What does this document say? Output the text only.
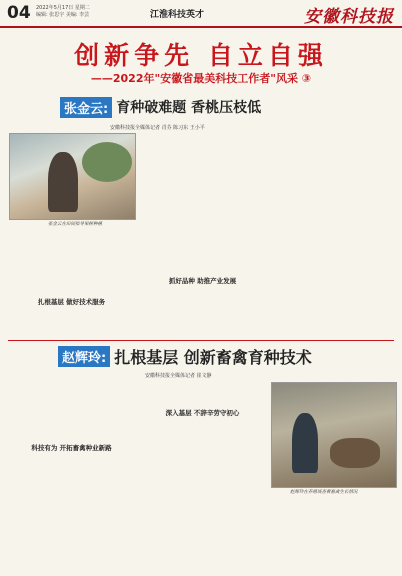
04 2022年5月17日 星期二
编辑: 张思宇 美编: 李芸	江淮科技英才	安徽科技报
创新争先 自立自强
——2022年"安徽省最美科技工作者"风采 ③
张金云: 育种破难题 香桃压枝低
安徽科技报全媒体记者 肖芬 陈习东 王小平
张金云在田间指导果树种植
扎根基层 做好技术服务
抓好品种 助推产业发展
赵辉玲: 扎根基层 创新畜禽育种技术
安徽科技报全媒体记者 崔文静
科技有为 开拓畜禽种业新路
深入基层 不辞辛劳守初心
赵辉玲在养殖场查看畜禽生长情况
